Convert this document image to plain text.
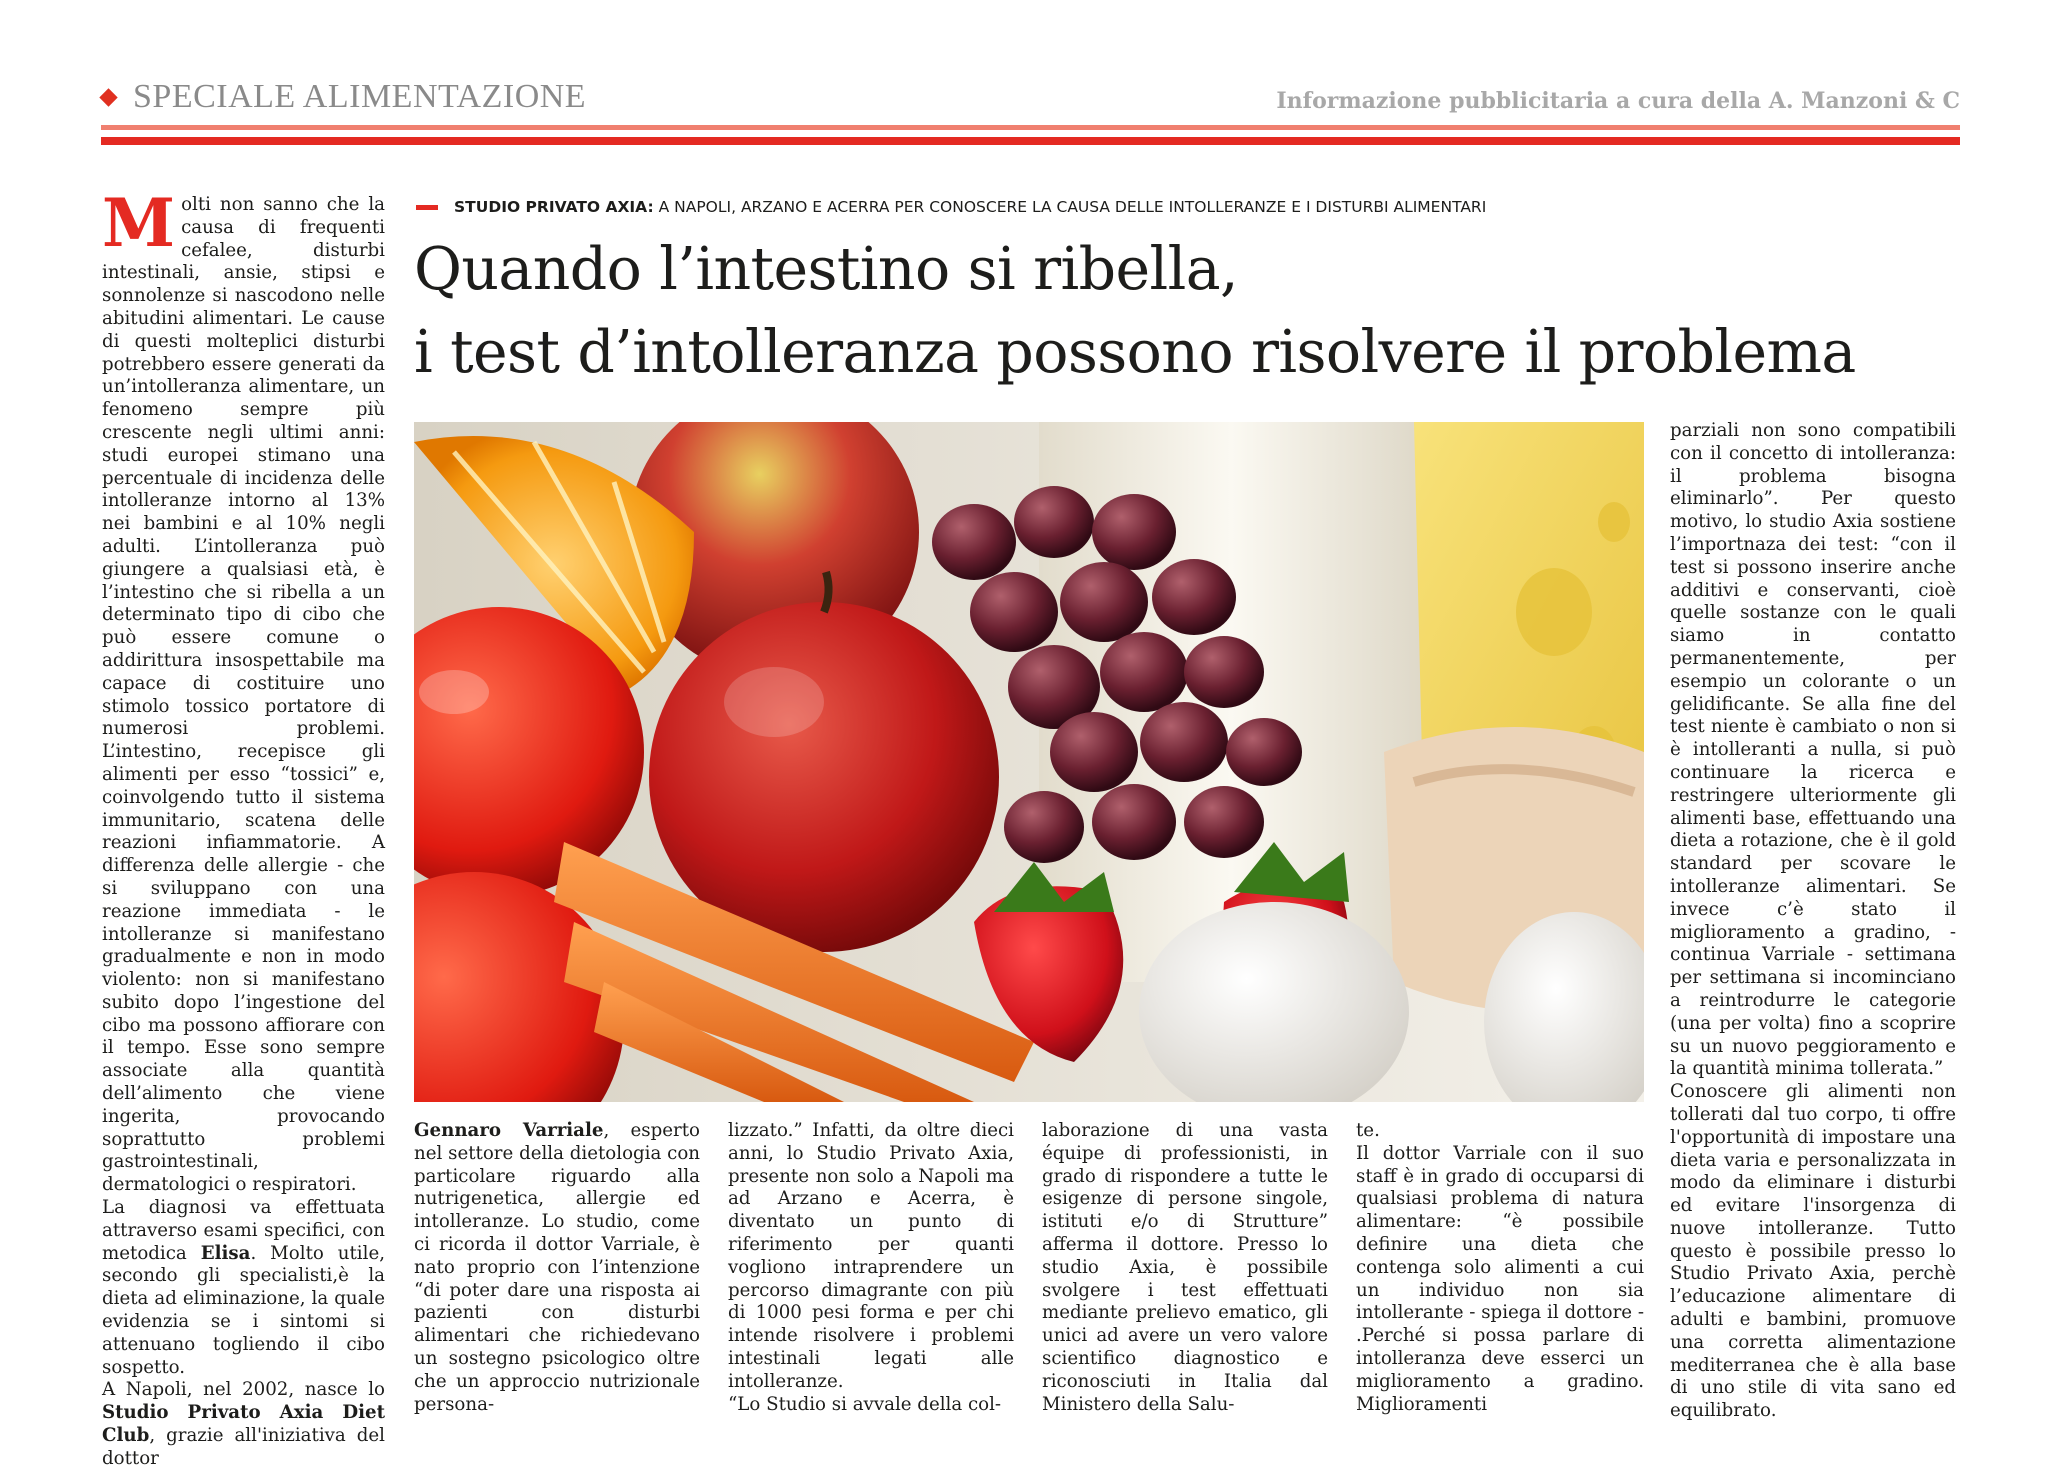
SPECIALE ALIMENTAZIONE	Informazione pubblicitaria a cura della A. Manzoni & C
STUDIO PRIVATO AXIA: A NAPOLI, ARZANO E ACERRA PER CONOSCERE LA CAUSA DELLE INTOLLERANZE E I DISTURBI ALIMENTARI
Quando l’intestino si ribella,
i test d’intolleranza possono risolvere il problema

Molti non sanno che la causa di frequenti cefalee, disturbi intestinali, ansie, stipsi e sonnolenze si nascodono nelle abitudini alimentari. Le cause di questi molteplici disturbi potrebbero essere generati da un’intolleranza alimentare, un fenomeno sempre più crescente negli ultimi anni: studi europei stimano una percentuale di incidenza delle intolleranze intorno al 13% nei bambini e al 10% negli adulti. L’intolleranza può giungere a qualsiasi età, è l’intestino che si ribella a un determinato tipo di cibo che può essere comune o addirittura insospettabile ma capace di costituire uno stimolo tossico portatore di numerosi problemi. L’intestino, recepisce gli alimenti per esso “tossici” e, coinvolgendo tutto il sistema immunitario, scatena delle reazioni infiammatorie. A differenza delle allergie - che si sviluppano con una reazione immediata - le intolleranze si manifestano gradualmente e non in modo violento: non si manifestano subito dopo l’ingestione del cibo ma possono affiorare con il tempo. Esse sono sempre associate alla quantità dell’alimento che viene ingerita, provocando soprattutto problemi gastrointestinali, dermatologici o respiratori.

La diagnosi va effettuata attraverso esami specifici, con metodica Elisa. Molto utile, secondo gli specialisti,è la dieta ad eliminazione, la quale evidenzia se i sintomi si attenuano togliendo il cibo sospetto.

A Napoli, nel 2002, nasce lo Studio Privato Axia Diet Club, grazie all'iniziativa del dottor

Gennaro Varriale, esperto nel settore della dietologia con particolare riguardo alla nutrigenetica, allergie ed intolleranze. Lo studio, come ci ricorda il dottor Varriale, è nato proprio con l’intenzione “di poter dare una risposta ai pazienti con disturbi alimentari che richiedevano un sostegno psicologico oltre che un approccio nutrizionale persona-

lizzato.” Infatti, da oltre dieci anni, lo Studio Privato Axia, presente non solo a Napoli ma ad Arzano e Acerra, è diventato un punto di riferimento per quanti vogliono intraprendere un percorso dimagrante con più di 1000 pesi forma e per chi intende risolvere i problemi intestinali legati alle intolleranze.

“Lo Studio si avvale della col-

laborazione di una vasta équipe di professionisti, in grado di rispondere a tutte le esigenze di persone singole, istituti e/o di Strutture” afferma il dottore. Presso lo studio Axia, è possibile svolgere i test effettuati mediante prelievo ematico, gli unici ad avere un vero valore scientifico diagnostico e riconosciuti in Italia dal Ministero della Salu-

te.

Il dottor Varriale con il suo staff è in grado di occuparsi di qualsiasi problema di natura alimentare: “è possibile definire una dieta che contenga solo alimenti a cui un individuo non sia intollerante - spiega il dottore - .Perché si possa parlare di intolleranza deve esserci un miglioramento a gradino. Miglioramenti

parziali non sono compatibili con il concetto di intolleranza: il problema bisogna eliminarlo”. Per questo motivo, lo studio Axia sostiene l’importnaza dei test: “con il test si possono inserire anche additivi e conservanti, cioè quelle sostanze con le quali siamo in contatto permanentemente, per esempio un colorante o un gelidificante. Se alla fine del test niente è cambiato o non si è intolleranti a nulla, si può continuare la ricerca e restringere ulteriormente gli alimenti base, effettuando una dieta a rotazione, che è il gold standard per scovare le intolleranze alimentari. Se invece c’è stato il miglioramento a gradino, - continua Varriale - settimana per settimana si incominciano a reintrodurre le categorie (una per volta) fino a scoprire su un nuovo peggioramento e la quantità minima tollerata.”

Conoscere gli alimenti non tollerati dal tuo corpo, ti offre l'opportunità di impostare una dieta varia e personalizzata in modo da eliminare i disturbi ed evitare l'insorgenza di nuove intolleranze. Tutto questo è possibile presso lo Studio Privato Axia, perchè l’educazione alimentare di adulti e bambini, promuove una corretta alimentazione mediterranea che è alla base di uno stile di vita sano ed equilibrato.
